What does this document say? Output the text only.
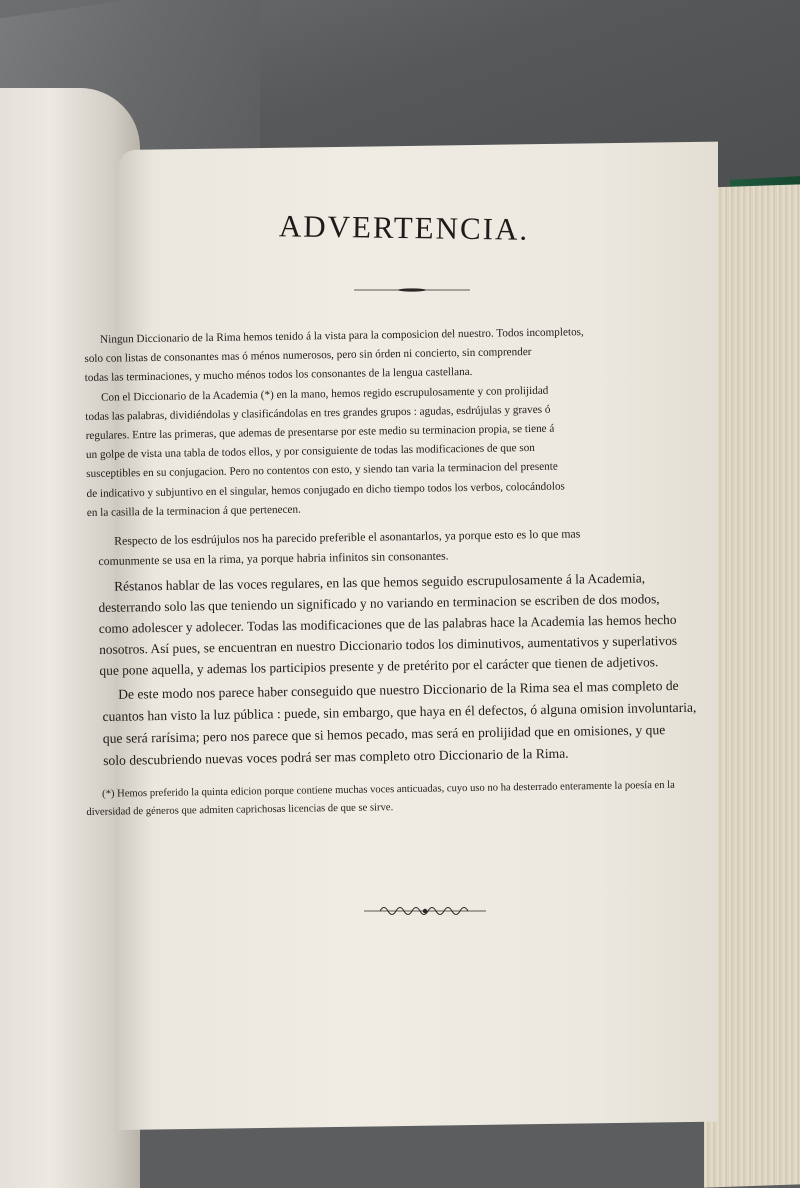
ADVERTENCIA.

Ningun Diccionario de la Rima hemos tenido á la vista para la composicion del nuestro. Todos incompletos,
solo con listas de consonantes mas ó ménos numerosos, pero sin órden ni concierto, sin comprender
todas las terminaciones, y mucho ménos todos los consonantes de la lengua castellana.
Con el Diccionario de la Academia (*) en la mano, hemos regido escrupulosamente y con prolijidad
todas las palabras, dividiéndolas y clasificándolas en tres grandes grupos : agudas, esdrújulas y graves ó
regulares. Entre las primeras, que ademas de presentarse por este medio su terminacion propia, se tiene á
un golpe de vista una tabla de todos ellos, y por consiguiente de todas las modificaciones de que son
susceptibles en su conjugacion. Pero no contentos con esto, y siendo tan varia la terminacion del presente
de indicativo y subjuntivo en el singular, hemos conjugado en dicho tiempo todos los verbos, colocándolos
en la casilla de la terminacion á que pertenecen.

Respecto de los esdrújulos nos ha parecido preferible el asonantarlos, ya porque esto es lo que mas
comunmente se usa en la rima, ya porque habria infinitos sin consonantes.

Réstanos hablar de las voces regulares, en las que hemos seguido escrupulosamente á la Academia,
desterrando solo las que teniendo un significado y no variando en terminacion se escriben de dos modos,
como adolescer y adolecer. Todas las modificaciones que de las palabras hace la Academia las hemos hecho
nosotros. Así pues, se encuentran en nuestro Diccionario todos los diminutivos, aumentativos y superlativos
que pone aquella, y ademas los participios presente y de pretérito por el carácter que tienen de adjetivos.

De este modo nos parece haber conseguido que nuestro Diccionario de la Rima sea el mas completo de
cuantos han visto la luz pública : puede, sin embargo, que haya en él defectos, ó alguna omision involuntaria,
que será rarísima; pero nos parece que si hemos pecado, mas será en prolijidad que en omisiones, y que
solo descubriendo nuevas voces podrá ser mas completo otro Diccionario de la Rima.

(*) Hemos preferido la quinta edicion porque contiene muchas voces anticuadas, cuyo uso no ha desterrado enteramente la poesía en la
diversidad de géneros que admiten caprichosas licencias de que se sirve.
